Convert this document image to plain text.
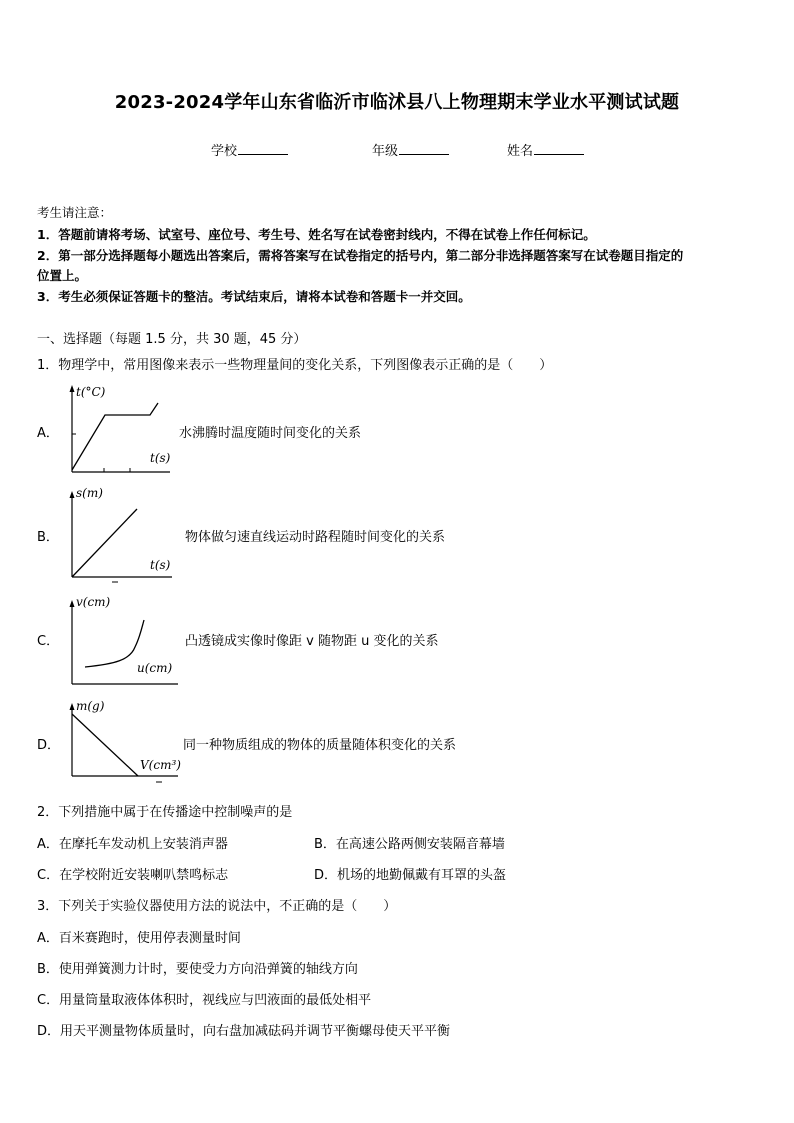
2023-2024学年山东省临沂市临沭县八上物理期末学业水平测试试题
学校	年级	姓名
考生请注意：
1．答题前请将考场、试室号、座位号、考生号、姓名写在试卷密封线内，不得在试卷上作任何标记。
2．第一部分选择题每小题选出答案后，需将答案写在试卷指定的括号内，第二部分非选择题答案写在试卷题目指定的
位置上。
3．考生必须保证答题卡的整洁。考试结束后，请将本试卷和答题卡一并交回。
一、选择题（每题 1.5 分，共 30 题，45 分）
1．物理学中，常用图像来表示一些物理量间的变化关系，下列图像表示正确的是（　　）
A．
t(°C)
t(s)
水沸腾时温度随时间变化的关系
B．
s(m)
t(s)
物体做匀速直线运动时路程随时间变化的关系
C．
v(cm)
u(cm)
凸透镜成实像时像距 v 随物距 u 变化的关系
D．
m(g)
V(cm³)
同一种物质组成的物体的质量随体积变化的关系
2．下列措施中属于在传播途中控制噪声的是
A．在摩托车发动机上安装消声器	B．在高速公路两侧安装隔音幕墙
C．在学校附近安装喇叭禁鸣标志	D．机场的地勤佩戴有耳罩的头盔
3．下列关于实验仪器使用方法的说法中，不正确的是（　　）
A．百米赛跑时，使用停表测量时间
B．使用弹簧测力计时，要使受力方向沿弹簧的轴线方向
C．用量筒量取液体体积时，视线应与凹液面的最低处相平
D．用天平测量物体质量时，向右盘加减砝码并调节平衡螺母使天平平衡
